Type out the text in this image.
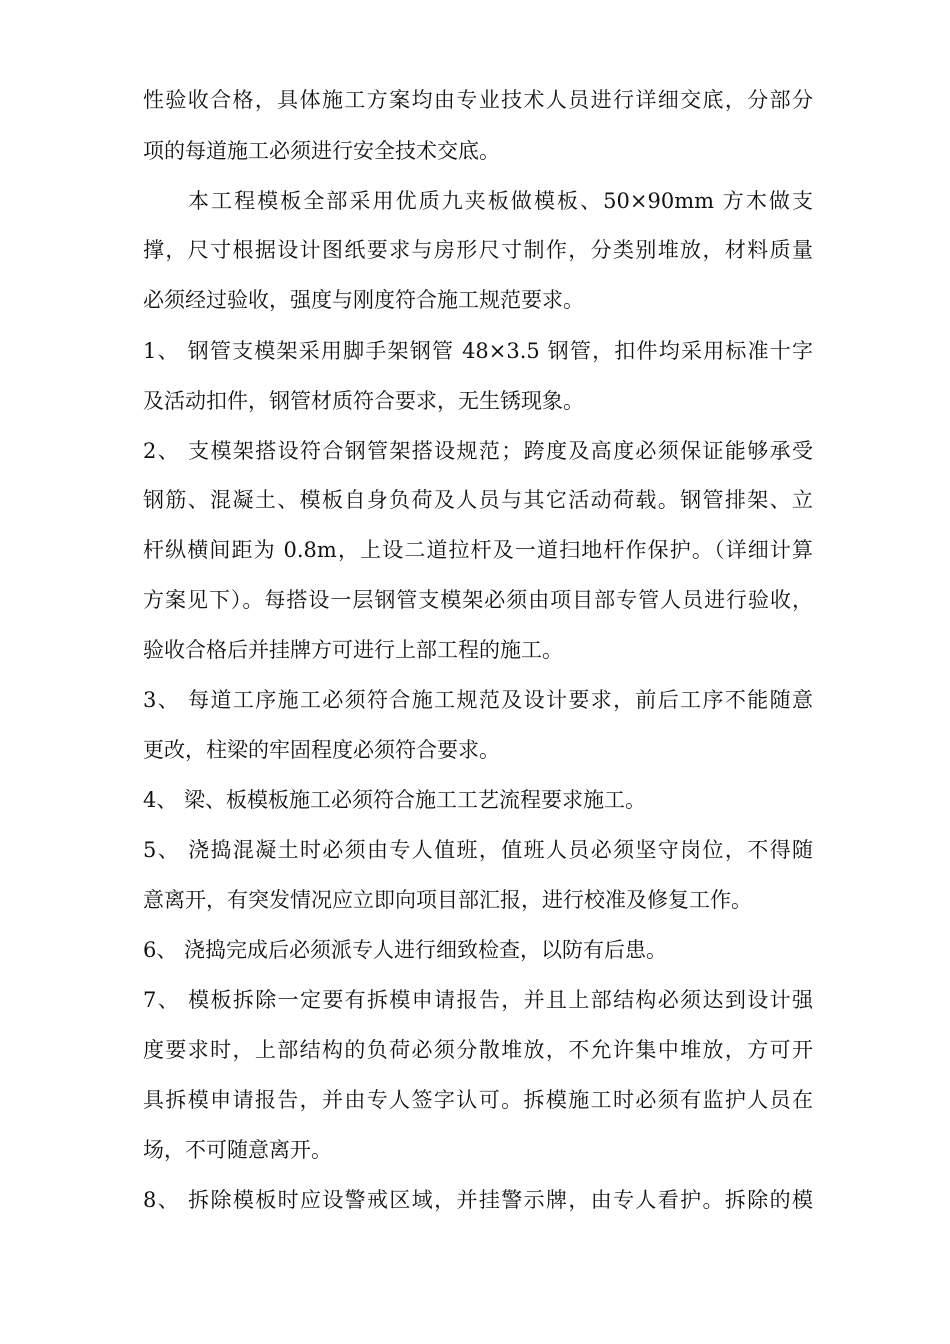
性验收合格，具体施工方案均由专业技术人员进行详细交底，分部分
项的每道施工必须进行安全技术交底。
本工程模板全部采用优质九夹板做模板、50×90mm 方木做支
撑，尺寸根据设计图纸要求与房形尺寸制作，分类别堆放，材料质量
必须经过验收，强度与刚度符合施工规范要求。
1、 钢管支模架采用脚手架钢管 48×3.5 钢管，扣件均采用标准十字
及活动扣件，钢管材质符合要求，无生锈现象。
2、 支模架搭设符合钢管架搭设规范；跨度及高度必须保证能够承受
钢筋、混凝土、模板自身负荷及人员与其它活动荷载。钢管排架、立
杆纵横间距为 0.8m，上设二道拉杆及一道扫地杆作保护。（详细计算
方案见下）。每搭设一层钢管支模架必须由项目部专管人员进行验收，
验收合格后并挂牌方可进行上部工程的施工。
3、 每道工序施工必须符合施工规范及设计要求，前后工序不能随意
更改，柱梁的牢固程度必须符合要求。
4、 梁、板模板施工必须符合施工工艺流程要求施工。
5、 浇捣混凝土时必须由专人值班，值班人员必须坚守岗位，不得随
意离开，有突发情况应立即向项目部汇报，进行校准及修复工作。
6、 浇捣完成后必须派专人进行细致检查，以防有后患。
7、 模板拆除一定要有拆模申请报告，并且上部结构必须达到设计强
度要求时，上部结构的负荷必须分散堆放，不允许集中堆放，方可开
具拆模申请报告，并由专人签字认可。拆模施工时必须有监护人员在
场，不可随意离开。
8、 拆除模板时应设警戒区域，并挂警示牌，由专人看护。拆除的模
